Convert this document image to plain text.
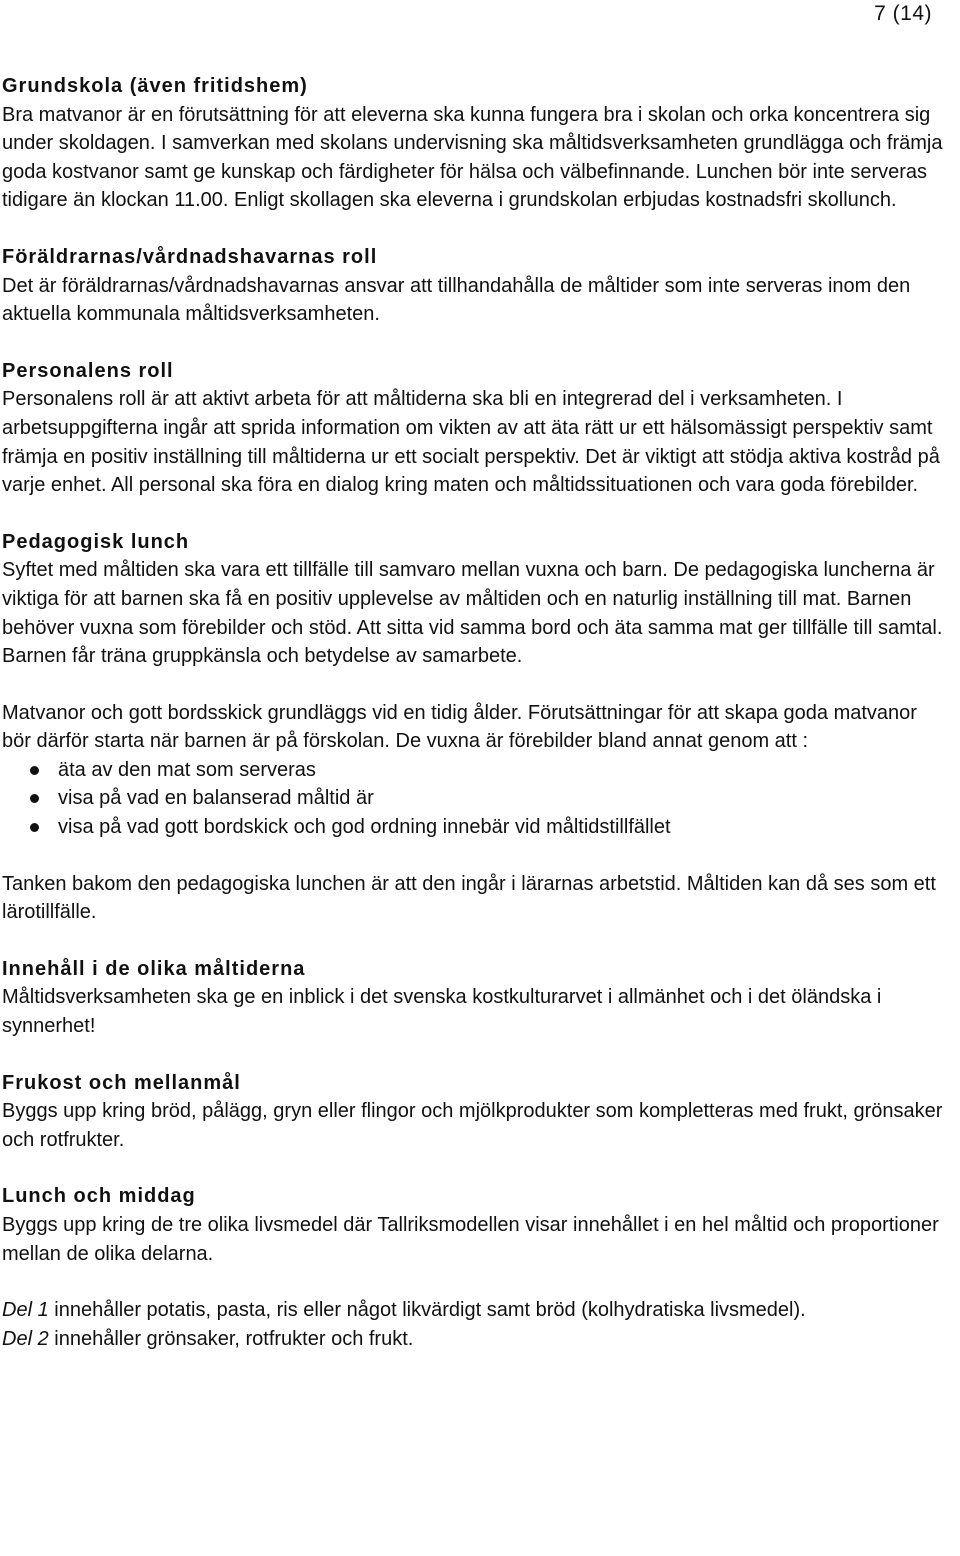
7 (14)
Grundskola (även fritidshem)
Bra matvanor är en förutsättning för att eleverna ska kunna fungera bra i skolan och orka koncentrera sig under skoldagen. I samverkan med skolans undervisning ska måltidsverksamheten grundlägga och främja goda kostvanor samt ge kunskap och färdigheter för hälsa och välbefinnande. Lunchen bör inte serveras tidigare än klockan 11.00. Enligt skollagen ska eleverna i grundskolan erbjudas kostnadsfri skollunch.
Föräldrarnas/vårdnadshavarnas roll
Det är föräldrarnas/vårdnadshavarnas ansvar att tillhandahålla de måltider som inte serveras inom den aktuella kommunala måltidsverksamheten.
Personalens roll
Personalens roll är att aktivt arbeta för att måltiderna ska bli en integrerad del i verksamheten. I arbetsuppgifterna ingår att sprida information om vikten av att äta rätt ur ett hälsomässigt perspektiv samt främja en positiv inställning till måltiderna ur ett socialt perspektiv. Det är viktigt att stödja aktiva kostråd på varje enhet. All personal ska föra en dialog kring maten och måltidssituationen och vara goda förebilder.
Pedagogisk lunch
Syftet med måltiden ska vara ett tillfälle till samvaro mellan vuxna och barn. De pedagogiska luncherna är viktiga för att barnen ska få en positiv upplevelse av måltiden och en naturlig inställning till mat. Barnen behöver vuxna som förebilder och stöd. Att sitta vid samma bord och äta samma mat ger tillfälle till samtal. Barnen får träna gruppkänsla och betydelse av samarbete.
Matvanor och gott bordsskick grundläggs vid en tidig ålder. Förutsättningar för att skapa goda matvanor bör därför starta när barnen är på förskolan. De vuxna är förebilder bland annat genom att :
äta av den mat som serveras
visa på vad en balanserad måltid är
visa på vad gott bordskick och god ordning innebär vid måltidstillfället
Tanken bakom den pedagogiska lunchen är att den ingår i lärarnas arbetstid. Måltiden kan då ses som ett lärotillfälle.
Innehåll i de olika måltiderna
Måltidsverksamheten ska ge en inblick i det svenska kostkulturarvet i allmänhet och i det öländska i synnerhet!
Frukost och mellanmål
Byggs upp kring bröd, pålägg, gryn eller flingor och mjölkprodukter som kompletteras med frukt, grönsaker och rotfrukter.
Lunch och middag
Byggs upp kring de tre olika livsmedel där Tallriksmodellen visar innehållet i en hel måltid och proportioner mellan de olika delarna.
Del 1 innehåller potatis, pasta, ris eller något likvärdigt samt bröd (kolhydratiska livsmedel).
Del 2 innehåller grönsaker, rotfrukter och frukt.
